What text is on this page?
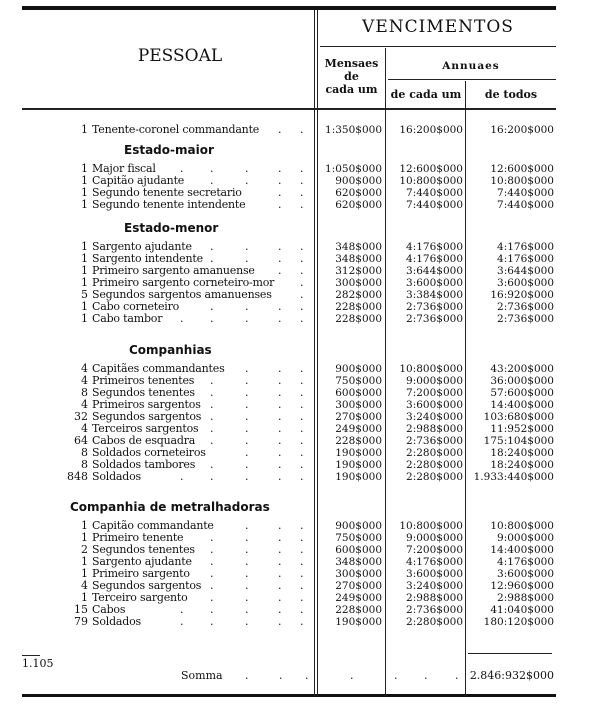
PESSOAL
VENCIMENTOS
Mensaes
de
cada um
Annuaes
de cada um	de todos
1 Tenente-coronel commandante	1:350$000 16:200$000	16:200$000
. .
Estado-maior
1 Major fiscal	1:050$000 12:600$000	12:600$000
. .	.	. .
1 Capitão ajudante	900$000 10:800$000	10:800$000
.	.	. .
1 Segundo tenente secretario	620$000 7:440$000	7:440$000
. .
1 Segundo tenente intendente	620$000 7:440$000	7:440$000
. .
Estado-menor
1 Sargento ajudante	348$000 4:176$000	4:176$000
.	.	. .
1 Sargento intendente	348$000 4:176$000	4:176$000
.	.	. .
1 Primeiro sargento amanuense	312$000 3:644$000	3:644$000
. .
1 Primeiro sargento corneteiro-mor	300$000 3:600$000	3:600$000
.
5 Segundos sargentos amanuenses	282$000 3:384$000	16:920$000
.
1 Cabo corneteiro	228$000 2:736$000	2:736$000
.	.	. .
1 Cabo tambor	228$000 2:736$000	2:736$000
. .	.	. .
Companhias
4 Capitães commandantes	900$000 10:800$000	43:200$000
.	. .
4 Primeiros tenentes	750$000 9:000$000	36:000$000
.	.	. .
8 Segundos tenentes	600$000 7:200$000	57:600$000
.	.	. .
4 Primeiros sargentos	300$000 3:600$000	14:400$000
.	.	. .
32 Segundos sargentos	270$000 3:240$000 103:680$000
.	.	. .
4 Terceiros sargentos	249$000 2:988$000	11:952$000
.	.	. .
64 Cabos de esquadra	228$000 2:736$000 175:104$000
.	.	. .
8 Soldados corneteiros	190$000 2:280$000	18:240$000
.	. .
8 Soldados tambores	190$000 2:280$000	18:240$000
.	.	. .
848 Soldados	190$000 2:280$000 1.933:440$000
. .	.	. .
Companhia de metralhadoras
1 Capitão commandante	900$000 10:800$000	10:800$000
.	. .
1 Primeiro tenente	750$000 9:000$000	9:000$000
.	.	. .
2 Segundos tenentes	600$000 7:200$000	14:400$000
.	.	. .
1 Sargento ajudante	348$000 4:176$000	4:176$000
.	.	. .
1 Primeiro sargento	300$000 3:600$000	3:600$000
.	.	. .
4 Segundos sargentos	270$000 3:240$000	12:960$000
.	.	. .
1 Terceiro sargento	249$000 2:988$000	2:988$000
.	.	. .
15 Cabos	228$000 2:736$000	41:040$000
. .	.	. .
79 Soldados	190$000 2:280$000 180:120$000
. .	.	. .
1.105
Somma .	. .	.	. .	. 2.846:932$000
